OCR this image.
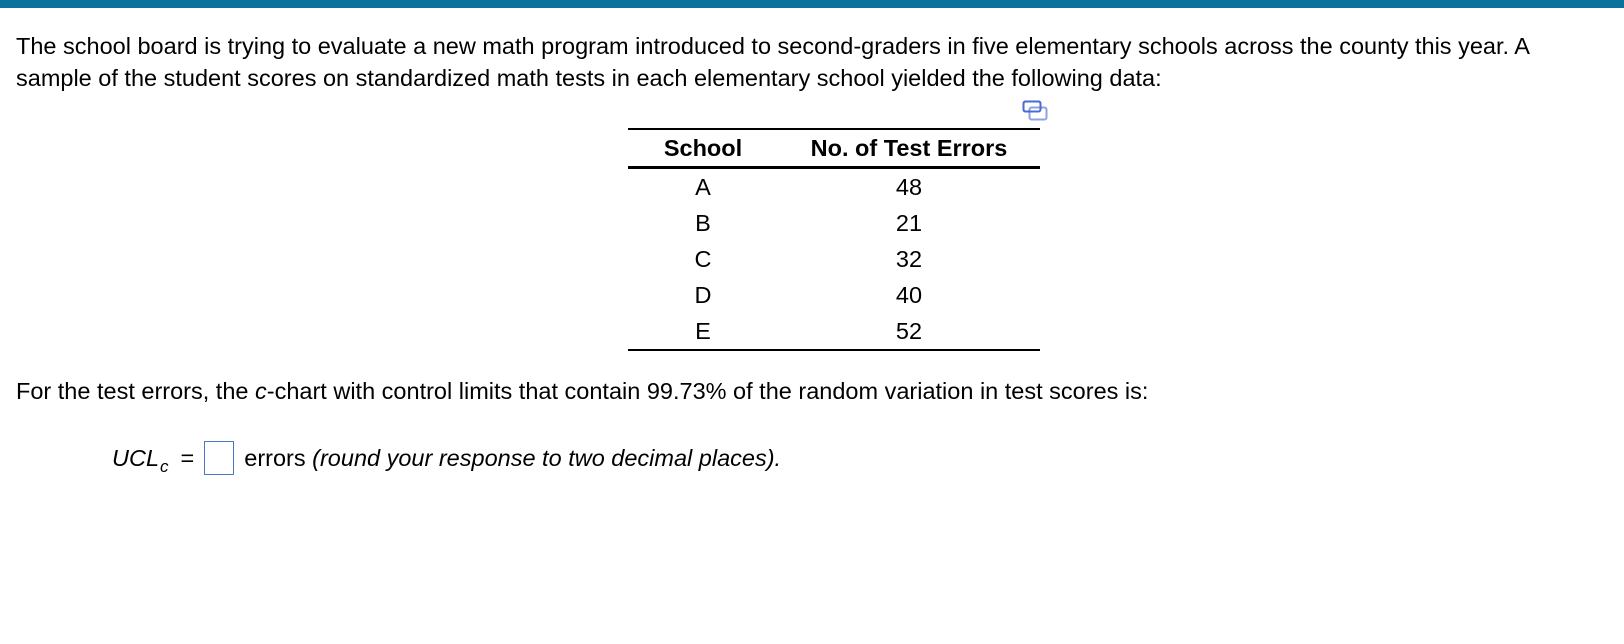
The school board is trying to evaluate a new math program introduced to second-graders in five elementary schools across the county this year. A sample of the student scores on standardized math tests in each elementary school yielded the following data:

School	No. of Test Errors
A	48
B	21
C	32
D	40
E	52

For the test errors, the c-chart with control limits that contain 99.73% of the random variation in test scores is:

$UCL_c$ = errors
(round your response to two decimal places).
